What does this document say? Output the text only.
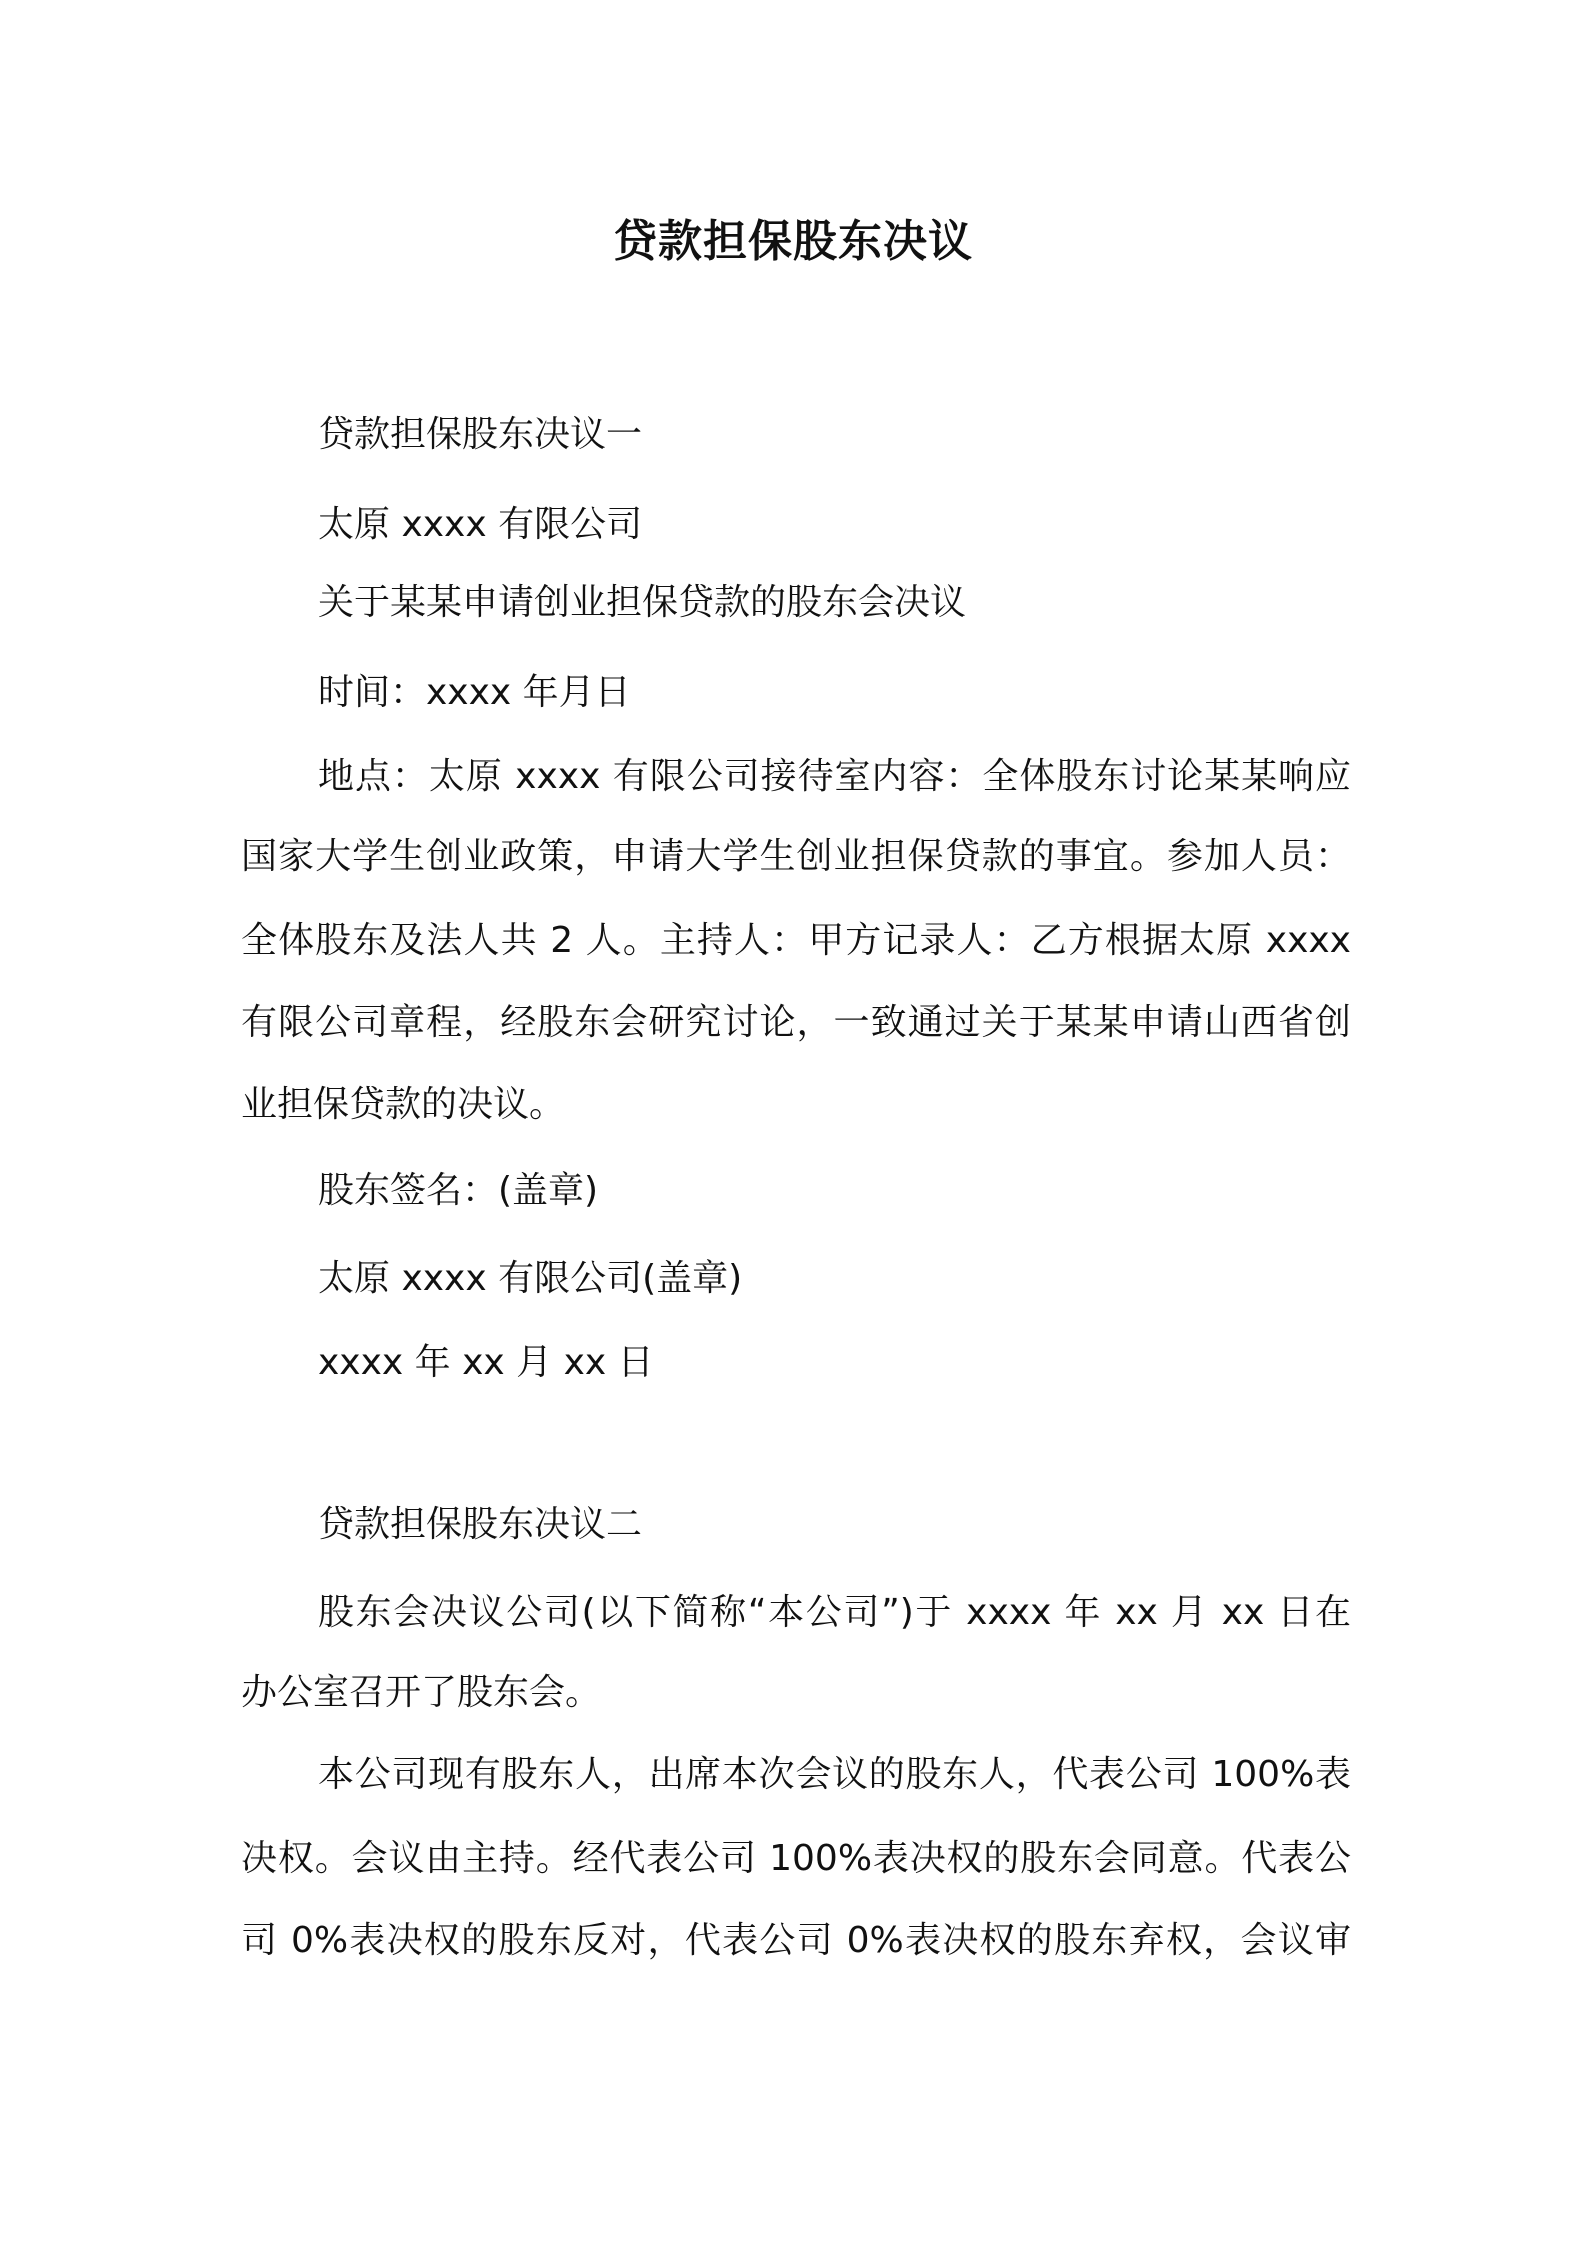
贷款担保股东决议
贷款担保股东决议一
太原 xxxx 有限公司
关于某某申请创业担保贷款的股东会决议
时间：xxxx 年月日
地点：太原 xxxx 有限公司接待室内容：全体股东讨论某某响应
国家大学生创业政策，申请大学生创业担保贷款的事宜。参加人员：
全体股东及法人共 2 人。主持人：甲方记录人：乙方根据太原 xxxx
有限公司章程，经股东会研究讨论，一致通过关于某某申请山西省创
业担保贷款的决议。
股东签名：(盖章)
太原 xxxx 有限公司(盖章)
xxxx 年 xx 月 xx 日
贷款担保股东决议二
股东会决议公司(以下简称“本公司”)于 xxxx 年 xx 月 xx 日在
办公室召开了股东会。
本公司现有股东人，出席本次会议的股东人，代表公司 100%表
决权。会议由主持。经代表公司 100%表决权的股东会同意。代表公
司 0%表决权的股东反对，代表公司 0%表决权的股东弃权，会议审
